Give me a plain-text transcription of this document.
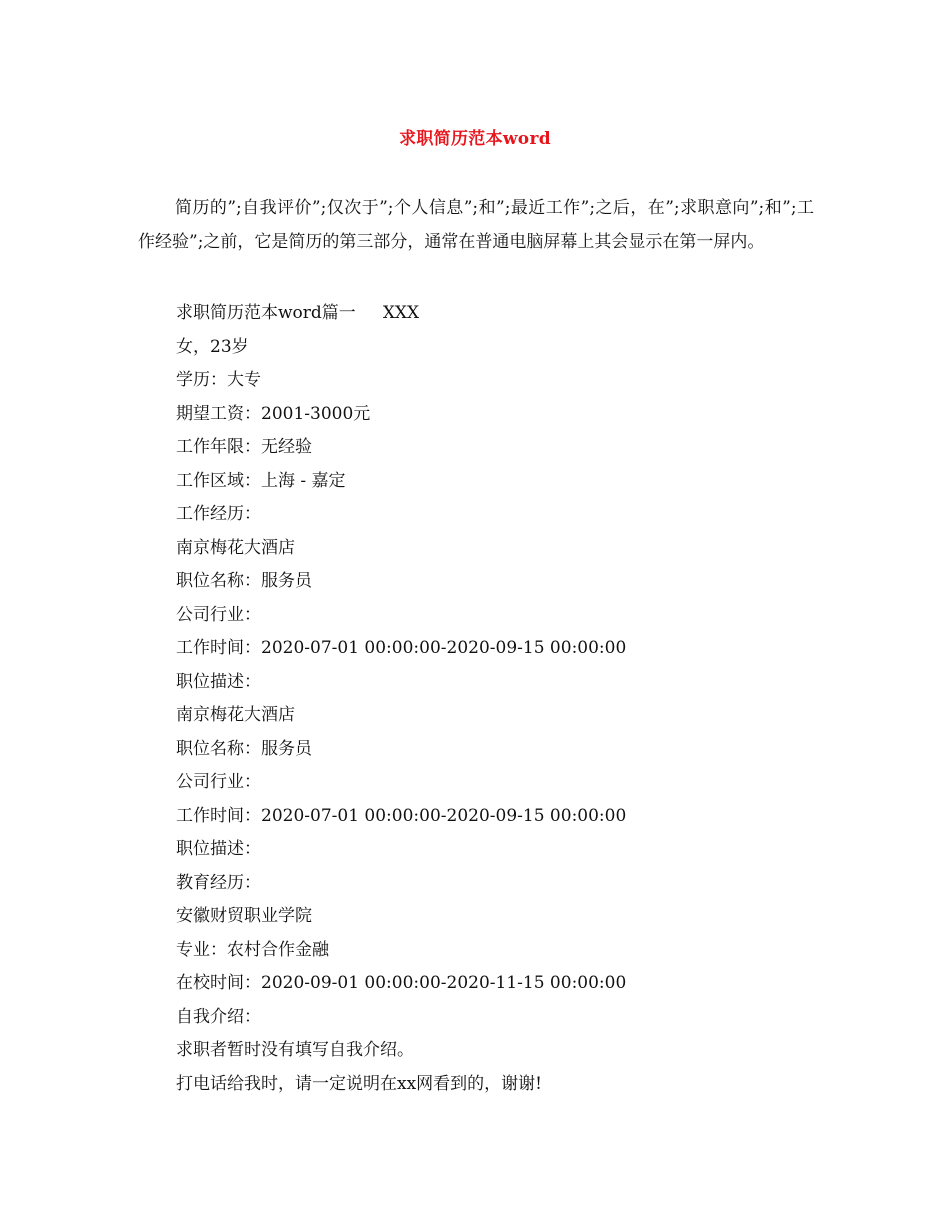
求职简历范本word

简历的”;自我评价”;仅次于”;个人信息”;和”;最近工作”;之后，在”;求职意向”;和”;工作经验”;之前，它是简历的第三部分，通常在普通电脑屏幕上其会显示在第一屏内。

求职简历范本word篇一     XXX
女，23岁
学历：大专
期望工资：2001-3000元
工作年限：无经验
工作区域：上海 - 嘉定
工作经历：
南京梅花大酒店
职位名称：服务员
公司行业：
工作时间：2020-07-01 00:00:00-2020-09-15 00:00:00
职位描述：
南京梅花大酒店
职位名称：服务员
公司行业：
工作时间：2020-07-01 00:00:00-2020-09-15 00:00:00
职位描述：
教育经历：
安徽财贸职业学院
专业：农村合作金融
在校时间：2020-09-01 00:00:00-2020-11-15 00:00:00
自我介绍：
求职者暂时没有填写自我介绍。
打电话给我时，请一定说明在xx网看到的，谢谢!
